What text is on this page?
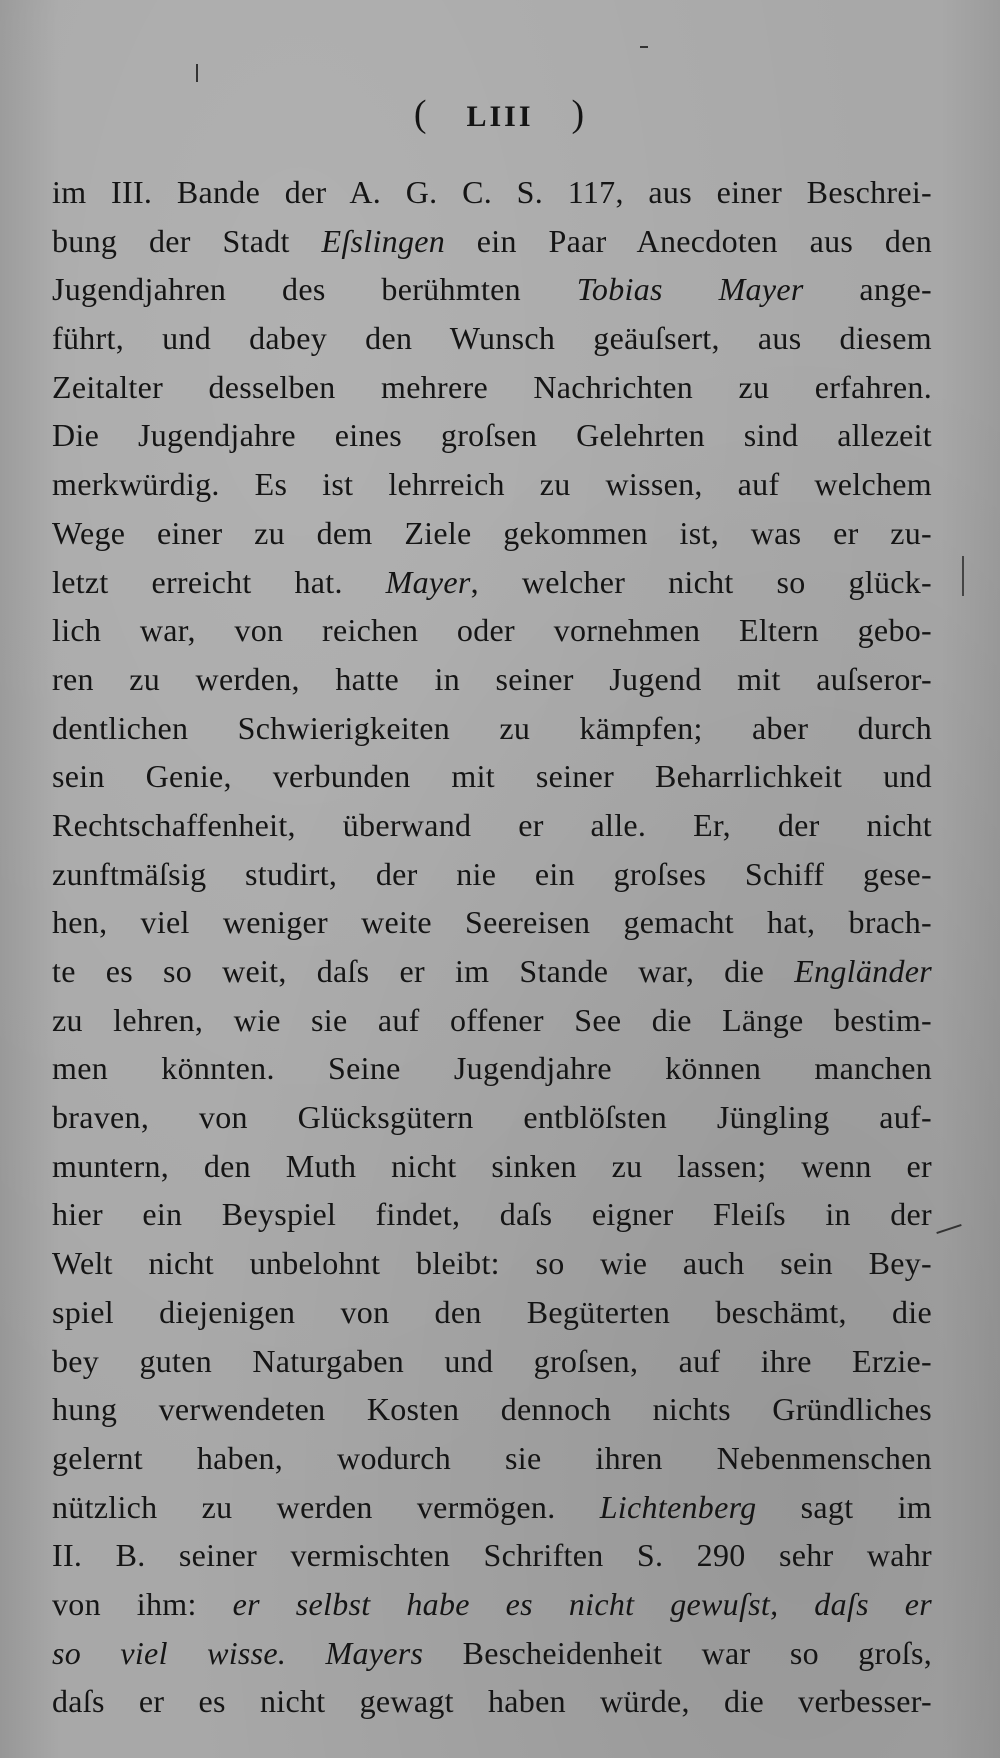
( LIII )
im III. Bande der A. G. C. S. 117, aus einer Beschrei-
bung der Stadt Eſslingen ein Paar Anecdoten aus den
Jugendjahren des berühmten Tobias Mayer ange-
führt, und dabey den Wunsch geäuſsert, aus diesem
Zeitalter desselben mehrere Nachrichten zu erfahren.
Die Jugendjahre eines groſsen Gelehrten sind allezeit
merkwürdig. Es ist lehrreich zu wissen, auf welchem
Wege einer zu dem Ziele gekommen ist, was er zu-
letzt erreicht hat. Mayer, welcher nicht so glück-
lich war, von reichen oder vornehmen Eltern gebo-
ren zu werden, hatte in seiner Jugend mit auſseror-
dentlichen Schwierigkeiten zu kämpfen; aber durch
sein Genie, verbunden mit seiner Beharrlichkeit und
Rechtschaffenheit, überwand er alle. Er, der nicht
zunftmäſsig studirt, der nie ein groſses Schiff gese-
hen, viel weniger weite Seereisen gemacht hat, brach-
te es so weit, daſs er im Stande war, die Engländer
zu lehren, wie sie auf offener See die Länge bestim-
men könnten. Seine Jugendjahre können manchen
braven, von Glücksgütern entblöſsten Jüngling auf-
muntern, den Muth nicht sinken zu lassen; wenn er
hier ein Beyspiel findet, daſs eigner Fleiſs in der
Welt nicht unbelohnt bleibt: so wie auch sein Bey-
spiel diejenigen von den Begüterten beschämt, die
bey guten Naturgaben und groſsen, auf ihre Erzie-
hung verwendeten Kosten dennoch nichts Gründliches
gelernt haben, wodurch sie ihren Nebenmenschen
nützlich zu werden vermögen. Lichtenberg sagt im
II. B. seiner vermischten Schriften S. 290 sehr wahr
von ihm: er selbst habe es nicht gewuſst, daſs er
so viel wisse. Mayers Bescheidenheit war so groſs,
daſs er es nicht gewagt haben würde, die verbesser-
